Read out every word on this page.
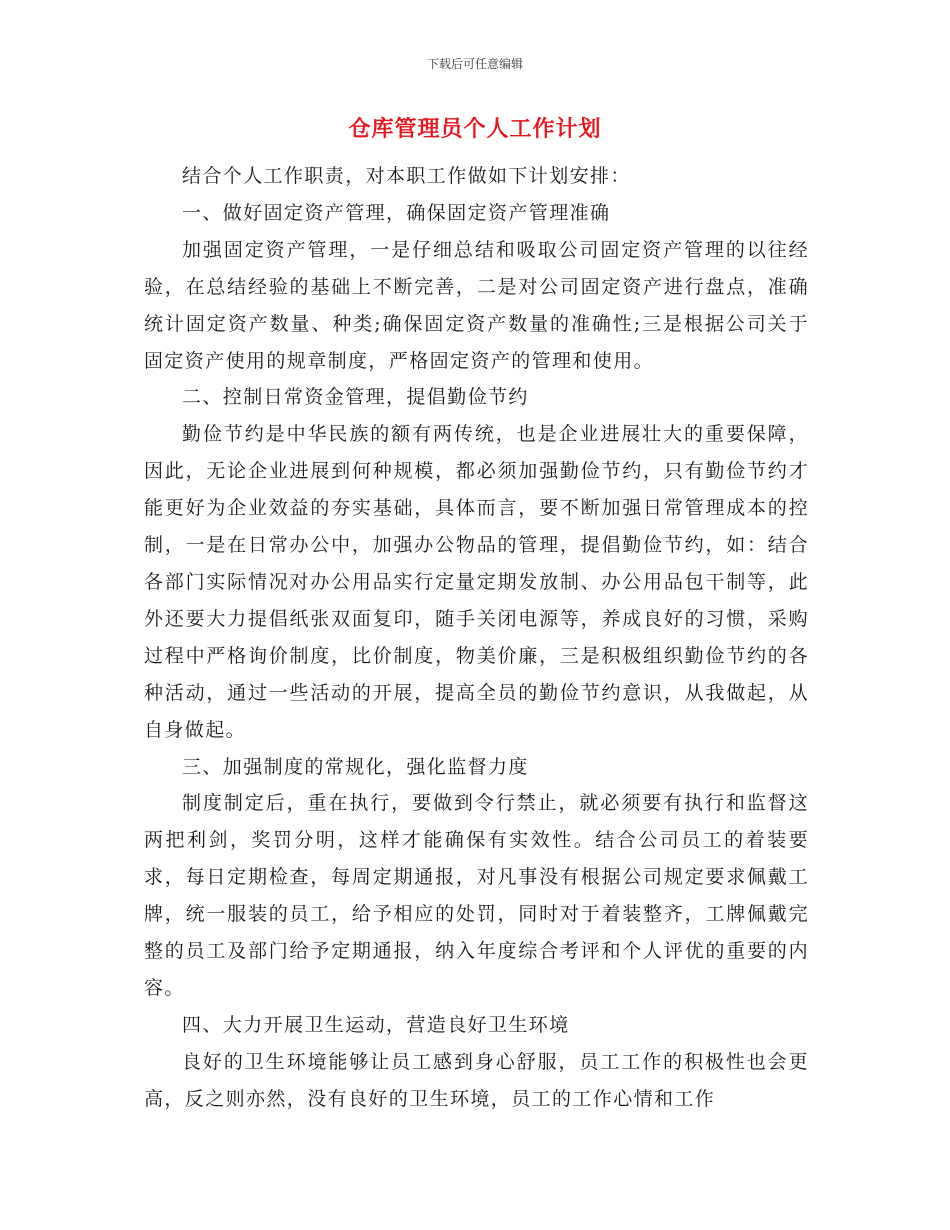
下载后可任意编辑
仓库管理员个人工作计划

结合个人工作职责，对本职工作做如下计划安排：

一、做好固定资产管理，确保固定资产管理准确

加强固定资产管理，一是仔细总结和吸取公司固定资产管理的以往经验，在总结经验的基础上不断完善，二是对公司固定资产进行盘点，准确统计固定资产数量、种类;确保固定资产数量的准确性;三是根据公司关于固定资产使用的规章制度，严格固定资产的管理和使用。

二、控制日常资金管理，提倡勤俭节约

勤俭节约是中华民族的额有两传统，也是企业进展壮大的重要保障，因此，无论企业进展到何种规模，都必须加强勤俭节约，只有勤俭节约才能更好为企业效益的夯实基础，具体而言，要不断加强日常管理成本的控制，一是在日常办公中，加强办公物品的管理，提倡勤俭节约，如：结合各部门实际情况对办公用品实行定量定期发放制、办公用品包干制等，此外还要大力提倡纸张双面复印，随手关闭电源等，养成良好的习惯，采购过程中严格询价制度，比价制度，物美价廉，三是积极组织勤俭节约的各种活动，通过一些活动的开展，提高全员的勤俭节约意识，从我做起，从自身做起。

三、加强制度的常规化，强化监督力度

制度制定后，重在执行，要做到令行禁止，就必须要有执行和监督这两把利剑，奖罚分明，这样才能确保有实效性。结合公司员工的着装要求，每日定期检查，每周定期通报，对凡事没有根据公司规定要求佩戴工牌，统一服装的员工，给予相应的处罚，同时对于着装整齐，工牌佩戴完整的员工及部门给予定期通报，纳入年度综合考评和个人评优的重要的内容。

四、大力开展卫生运动，营造良好卫生环境

良好的卫生环境能够让员工感到身心舒服，员工工作的积极性也会更高，反之则亦然，没有良好的卫生环境，员工的工作心情和工作
